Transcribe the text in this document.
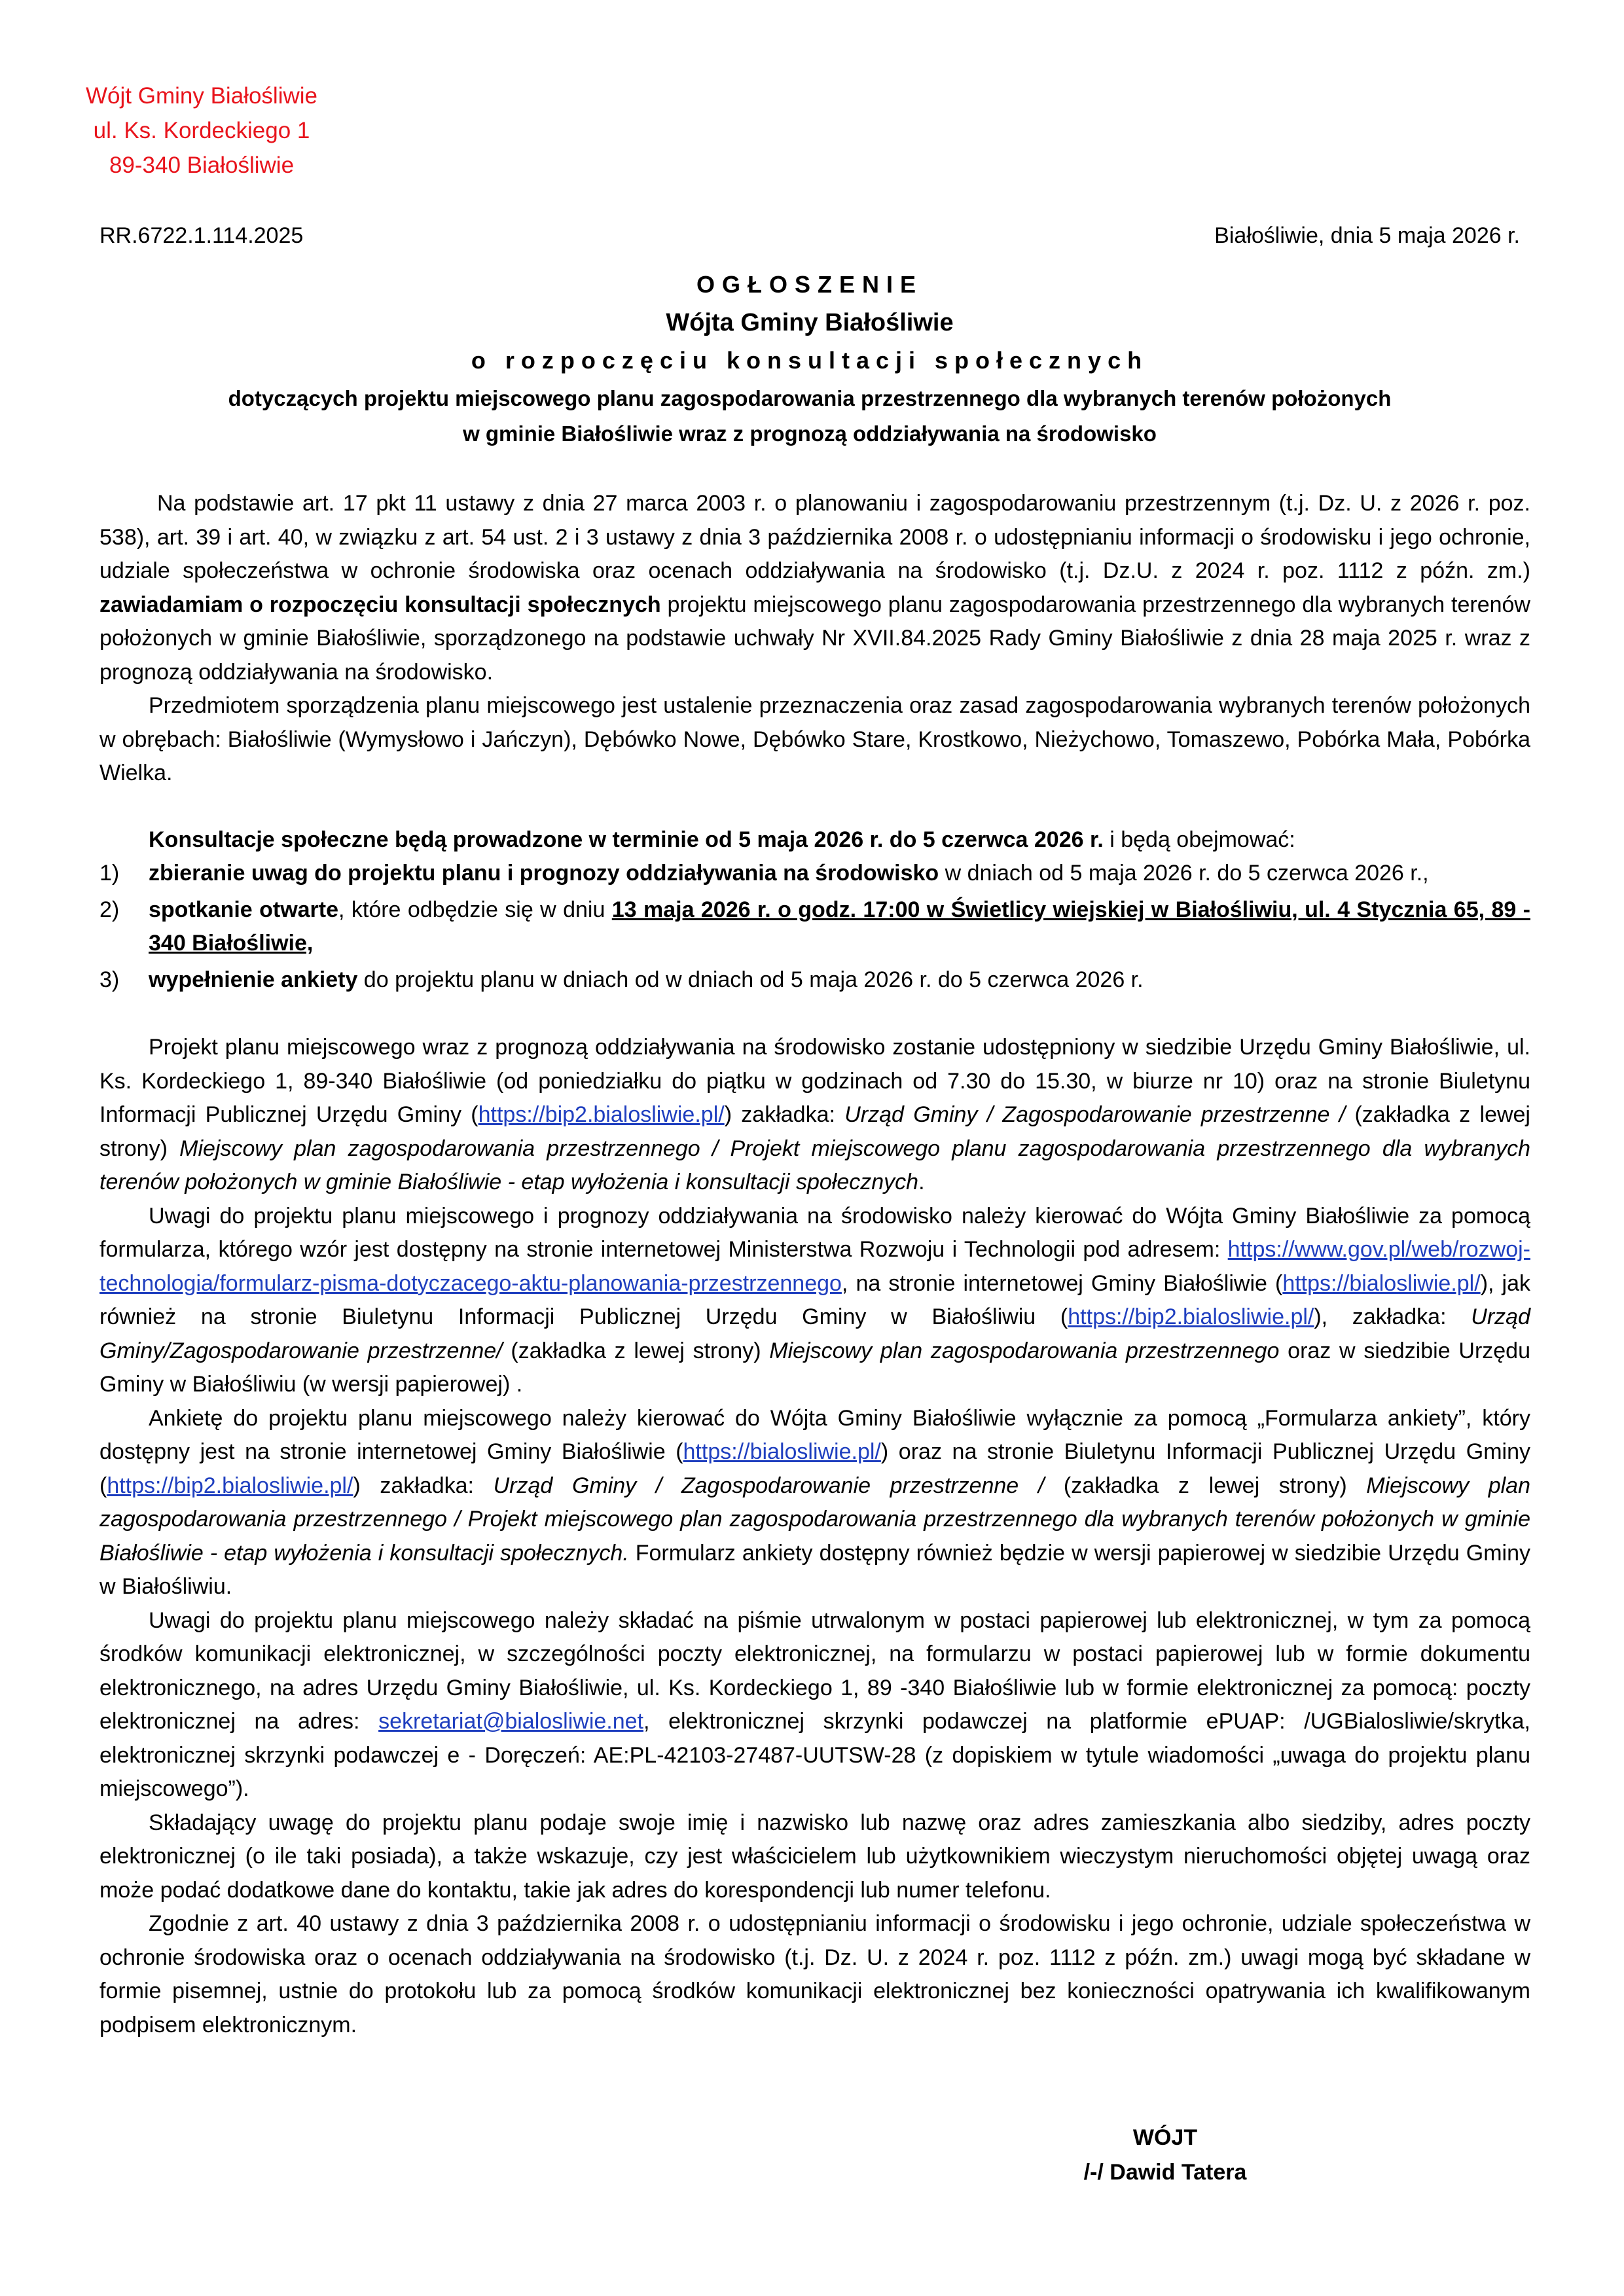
Wójt Gminy Białośliwie
ul. Ks. Kordeckiego 1
89-340 Białośliwie
RR.6722.1.114.2025	Białośliwie, dnia 5 maja 2026 r.
OGŁOSZENIE
Wójta Gminy Białośliwie
o rozpoczęciu konsultacji społecznych
dotyczących projektu miejscowego planu zagospodarowania przestrzennego dla wybranych terenów położonych
w gminie Białośliwie wraz z prognozą oddziaływania na środowisko

Na podstawie art. 17 pkt 11 ustawy z dnia 27 marca 2003 r. o planowaniu i zagospodarowaniu przestrzennym (t.j. Dz. U. z 2026 r. poz. 538), art. 39 i art. 40, w związku z art. 54 ust. 2 i 3 ustawy z dnia 3 października 2008 r. o udostępnianiu informacji o środowisku i jego ochronie, udziale społeczeństwa w ochronie środowiska oraz ocenach oddziaływania na środowisko (t.j. Dz.U. z 2024 r. poz. 1112 z późn. zm.) zawiadamiam o rozpoczęciu konsultacji społecznych projektu miejscowego planu zagospodarowania przestrzennego dla wybranych terenów położonych w gminie Białośliwie, sporządzonego na podstawie uchwały Nr XVII.84.2025 Rady Gminy Białośliwie z dnia 28 maja 2025 r. wraz z prognozą oddziaływania na środowisko.

Przedmiotem sporządzenia planu miejscowego jest ustalenie przeznaczenia oraz zasad zagospodarowania wybranych terenów położonych w obrębach: Białośliwie (Wymysłowo i Jańczyn), Dębówko Nowe, Dębówko Stare, Krostkowo, Nieżychowo, Tomaszewo, Pobórka Mała, Pobórka Wielka.

Konsultacje społeczne będą prowadzone w terminie od 5 maja 2026 r. do 5 czerwca 2026 r. i będą obejmować:

1) zbieranie uwag do projektu planu i prognozy oddziaływania na środowisko w dniach od 5 maja 2026 r. do 5 czerwca 2026 r.,
2) spotkanie otwarte, które odbędzie się w dniu 13 maja 2026 r. o godz. 17:00 w Świetlicy wiejskiej w Białośliwiu, ul. 4 Stycznia 65, 89 - 340 Białośliwie,
3) wypełnienie ankiety do projektu planu w dniach od w dniach od 5 maja 2026 r. do 5 czerwca 2026 r.

Projekt planu miejscowego wraz z prognozą oddziaływania na środowisko zostanie udostępniony w siedzibie Urzędu Gminy Białośliwie, ul. Ks. Kordeckiego 1, 89-340 Białośliwie (od poniedziałku do piątku w godzinach od 7.30 do 15.30, w biurze nr 10) oraz na stronie Biuletynu Informacji Publicznej Urzędu Gminy (https://bip2.bialosliwie.pl/) zakładka: Urząd Gminy / Zagospodarowanie przestrzenne / (zakładka z lewej strony) Miejscowy plan zagospodarowania przestrzennego / Projekt miejscowego planu zagospodarowania przestrzennego dla wybranych terenów położonych w gminie Białośliwie - etap wyłożenia i konsultacji społecznych.

Uwagi do projektu planu miejscowego i prognozy oddziaływania na środowisko należy kierować do Wójta Gminy Białośliwie za pomocą formularza, którego wzór jest dostępny na stronie internetowej Ministerstwa Rozwoju i Technologii pod adresem: https://www.gov.pl/web/rozwoj-technologia/formularz-pisma-dotyczacego-aktu-planowania-przestrzennego, na stronie internetowej Gminy Białośliwie (https://bialosliwie.pl/), jak również na stronie Biuletynu Informacji Publicznej Urzędu Gminy w Białośliwiu (https://bip2.bialosliwie.pl/), zakładka: Urząd Gminy/Zagospodarowanie przestrzenne/ (zakładka z lewej strony) Miejscowy plan zagospodarowania przestrzennego oraz w siedzibie Urzędu Gminy w Białośliwiu (w wersji papierowej) .

Ankietę do projektu planu miejscowego należy kierować do Wójta Gminy Białośliwie wyłącznie za pomocą „Formularza ankiety”, który dostępny jest na stronie internetowej Gminy Białośliwie (https://bialosliwie.pl/) oraz na stronie Biuletynu Informacji Publicznej Urzędu Gminy (https://bip2.bialosliwie.pl/) zakładka: Urząd Gminy / Zagospodarowanie przestrzenne / (zakładka z lewej strony) Miejscowy plan zagospodarowania przestrzennego / Projekt miejscowego plan zagospodarowania przestrzennego dla wybranych terenów położonych w gminie Białośliwie - etap wyłożenia i konsultacji społecznych. Formularz ankiety dostępny również będzie w wersji papierowej w siedzibie Urzędu Gminy w Białośliwiu.

Uwagi do projektu planu miejscowego należy składać na piśmie utrwalonym w postaci papierowej lub elektronicznej, w tym za pomocą środków komunikacji elektronicznej, w szczególności poczty elektronicznej, na formularzu w postaci papierowej lub w formie dokumentu elektronicznego, na adres Urzędu Gminy Białośliwie, ul. Ks. Kordeckiego 1, 89 -340 Białośliwie lub w formie elektronicznej za pomocą: poczty elektronicznej na adres: sekretariat@bialosliwie.net, elektronicznej skrzynki podawczej na platformie ePUAP: /UGBialosliwie/skrytka, elektronicznej skrzynki podawczej e - Doręczeń: AE:PL-42103-27487-UUTSW-28 (z dopiskiem w tytule wiadomości „uwaga do projektu planu miejscowego”).

Składający uwagę do projektu planu podaje swoje imię i nazwisko lub nazwę oraz adres zamieszkania albo siedziby, adres poczty elektronicznej (o ile taki posiada), a także wskazuje, czy jest właścicielem lub użytkownikiem wieczystym nieruchomości objętej uwagą oraz może podać dodatkowe dane do kontaktu, takie jak adres do korespondencji lub numer telefonu.

Zgodnie z art. 40 ustawy z dnia 3 października 2008 r. o udostępnianiu informacji o środowisku i jego ochronie, udziale społeczeństwa w ochronie środowiska oraz o ocenach oddziaływania na środowisko (t.j. Dz. U. z 2024 r. poz. 1112 z późn. zm.) uwagi mogą być składane w formie pisemnej, ustnie do protokołu lub za pomocą środków komunikacji elektronicznej bez konieczności opatrywania ich kwalifikowanym podpisem elektronicznym.

WÓJT
/-/ Dawid Tatera
